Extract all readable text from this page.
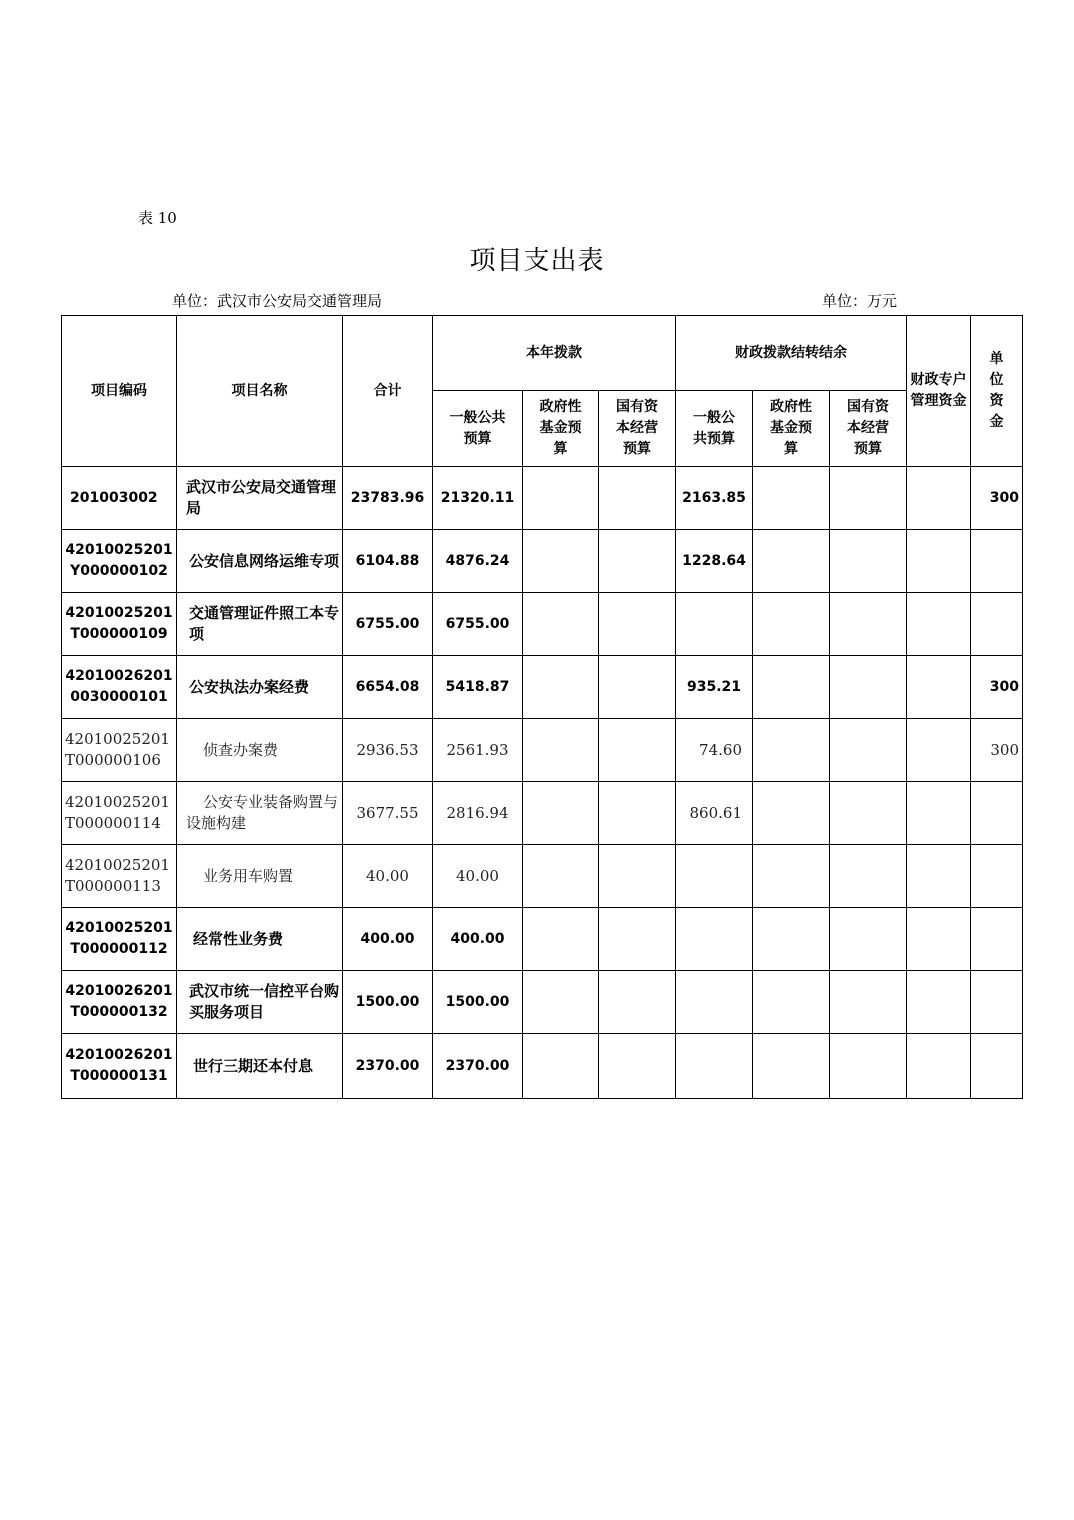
表 10
项目支出表
单位：武汉市公安局交通管理局	单位：万元
项目编码	项目名称	合计	本年拨款			财政拨款结转结余			财政专户管理资金	单位资金
			一般公共预算	政府性基金预算	国有资本经营预算	一般公共预算	政府性基金预算	国有资本经营预算		
201003002	武汉市公安局交通管理局	23783.96	21320.11			2163.85				300
42010025201Y000000102	公安信息网络运维专项	6104.88	4876.24			1228.64				
42010025201T000000109	交通管理证件照工本专项	6755.00	6755.00							
420100262010030000101	公安执法办案经费	6654.08	5418.87			935.21				300
42010025201T000000106	侦查办案费	2936.53	2561.93			74.60				300
42010025201T000000114	公安专业装备购置与设施构建	3677.55	2816.94			860.61				
42010025201T000000113	业务用车购置	40.00	40.00							
42010025201T000000112	经常性业务费	400.00	400.00							
42010026201T000000132	武汉市统一信控平台购买服务项目	1500.00	1500.00							
42010026201T000000131	世行三期还本付息	2370.00	2370.00							
